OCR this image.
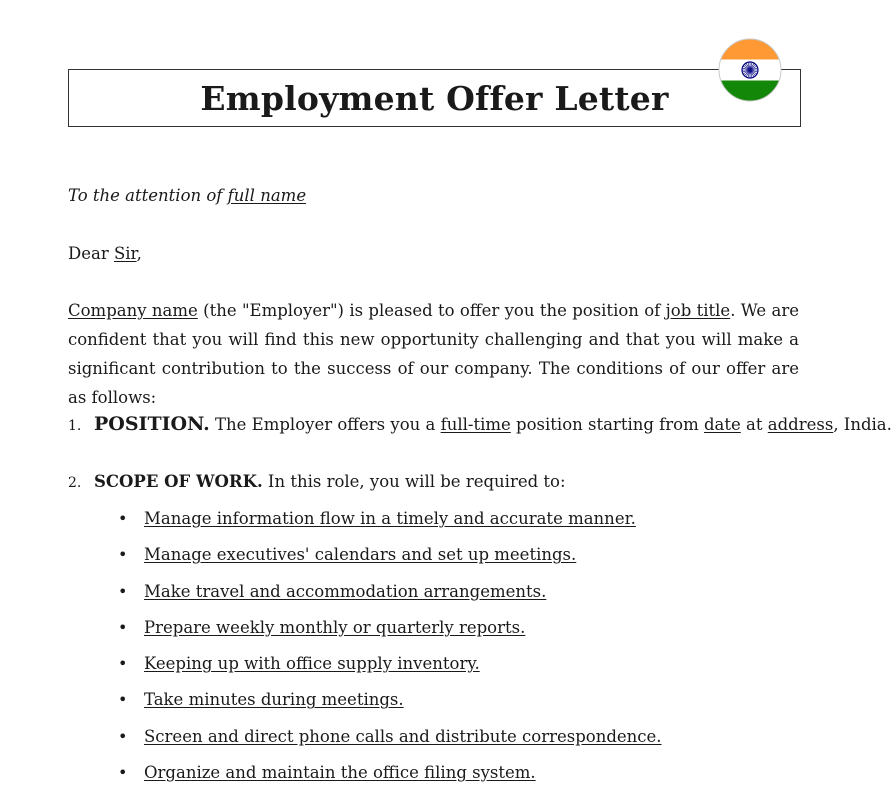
Employment Offer Letter
To the attention of full name
Dear Sir,
Company name (the "Employer") is pleased to offer you the position of job title. We are confident that you will find this new opportunity challenging and that you will make a significant contribution to the success of our company. The conditions of our offer are as follows:
1. POSITION. The Employer offers you a full-time position starting from date at address, India.
2. SCOPE OF WORK. In this role, you will be required to:
• Manage information flow in a timely and accurate manner.
• Manage executives' calendars and set up meetings.
• Make travel and accommodation arrangements.
• Prepare weekly monthly or quarterly reports.
• Keeping up with office supply inventory.
• Take minutes during meetings.
• Screen and direct phone calls and distribute correspondence.
• Organize and maintain the office filing system.
